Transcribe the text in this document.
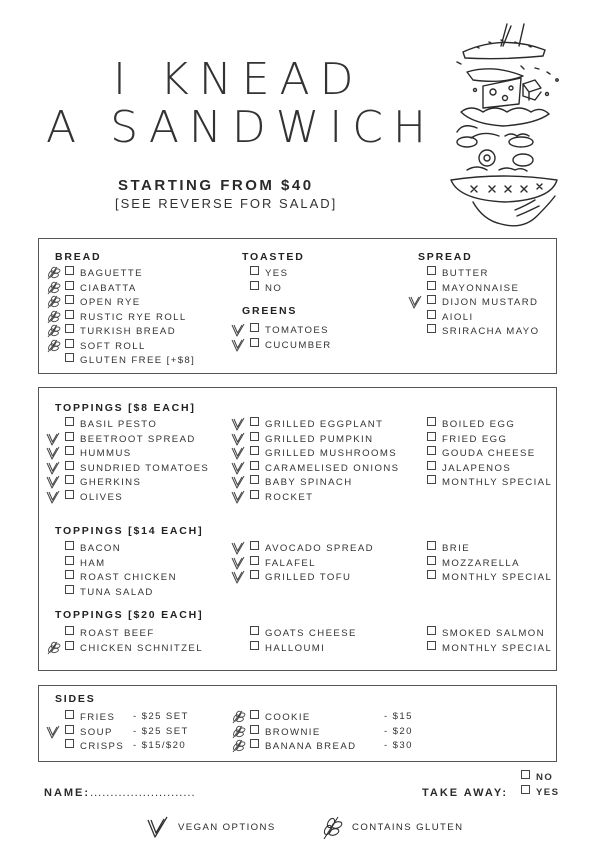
I KNEAD
A SANDWICH
STARTING FROM $40
[SEE REVERSE FOR SALAD]
BREAD	TOASTED
GREENS
SPREAD
BAGUETTE
CIABATTA
OPEN RYE
RUSTIC RYE ROLL
TURKISH BREAD
SOFT ROLL
GLUTEN FREE [+$8]
YES
NO
TOMATOES
CUCUMBER
BUTTER
MAYONNAISE
DIJON MUSTARD
AIOLI
SRIRACHA MAYO
TOPPINGS [$8 EACH]
TOPPINGS [$14 EACH]
TOPPINGS [$20 EACH]
BASIL PESTO
BEETROOT SPREAD
HUMMUS
SUNDRIED TOMATOES
GHERKINS
OLIVES
GRILLED EGGPLANT
GRILLED PUMPKIN
GRILLED MUSHROOMS
CARAMELISED ONIONS
BABY SPINACH
ROCKET
BOILED EGG
FRIED EGG
GOUDA CHEESE
JALAPENOS
MONTHLY SPECIAL
BACON
HAM
ROAST CHICKEN
TUNA SALAD
AVOCADO SPREAD
FALAFEL
GRILLED TOFU
BRIE
MOZZARELLA
MONTHLY SPECIAL
ROAST BEEF
CHICKEN SCHNITZEL
GOATS CHEESE
HALLOUMI
SMOKED SALMON
MONTHLY SPECIAL
SIDES
FRIES - $25 SET
SOUP - $25 SET
CRISPS - $15/$20
COOKIE	- $15
BROWNIE	- $20
BANANA BREAD	- $30
NAME:..........................	TAKE AWAY:
NO
YES
VEGAN OPTIONS	CONTAINS GLUTEN
